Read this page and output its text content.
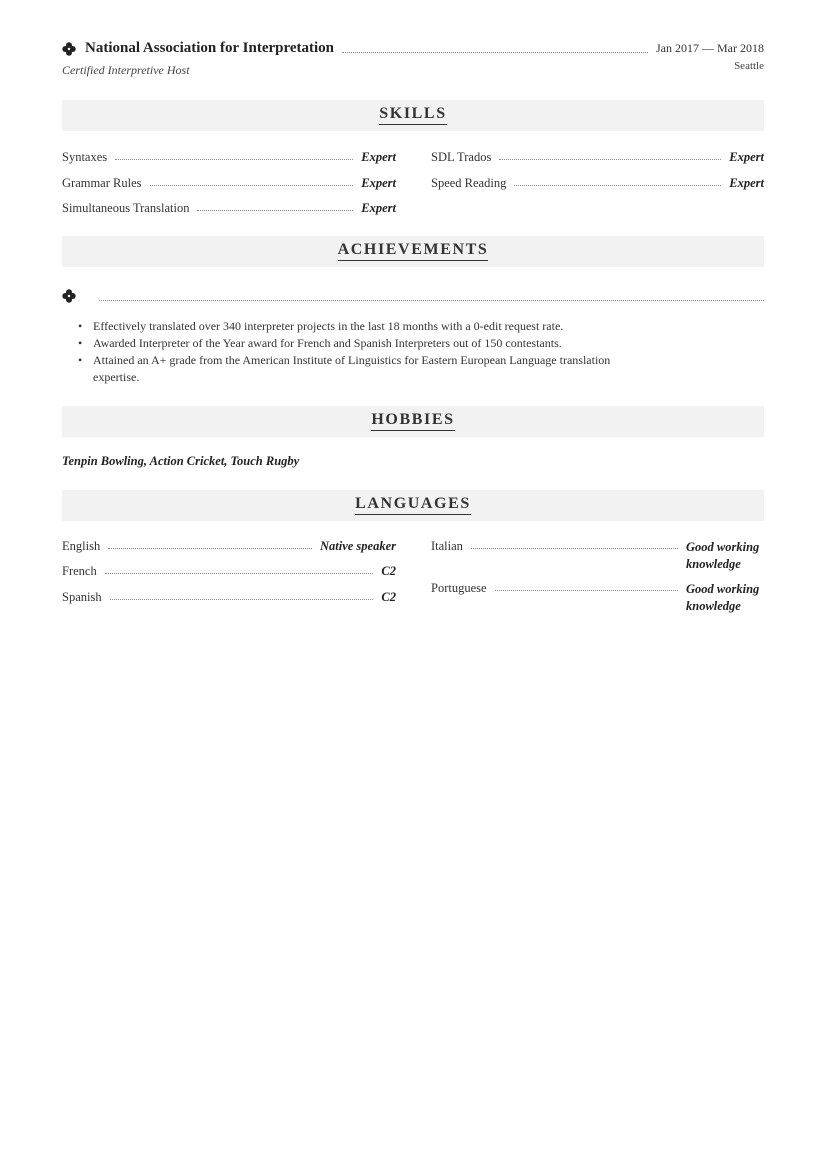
National Association for Interpretation	Jan 2017 — Mar 2018
Certified Interpretive Host	Seattle
SKILLS
Syntaxes	Expert
Grammar Rules	Expert
Simultaneous Translation	Expert
SDL Trados	Expert
Speed Reading	Expert
ACHIEVEMENTS
• Effectively translated over 340 interpreter projects in the last 18 months with a 0-edit request rate.
• Awarded Interpreter of the Year award for French and Spanish Interpreters out of 150 contestants.
• Attained an A+ grade from the American Institute of Linguistics for Eastern European Language translation expertise.
HOBBIES
Tenpin Bowling, Action Cricket, Touch Rugby
LANGUAGES
English	Native speaker
French	C2
Spanish	C2
Italian	Good working knowledge
Portuguese	Good working knowledge
